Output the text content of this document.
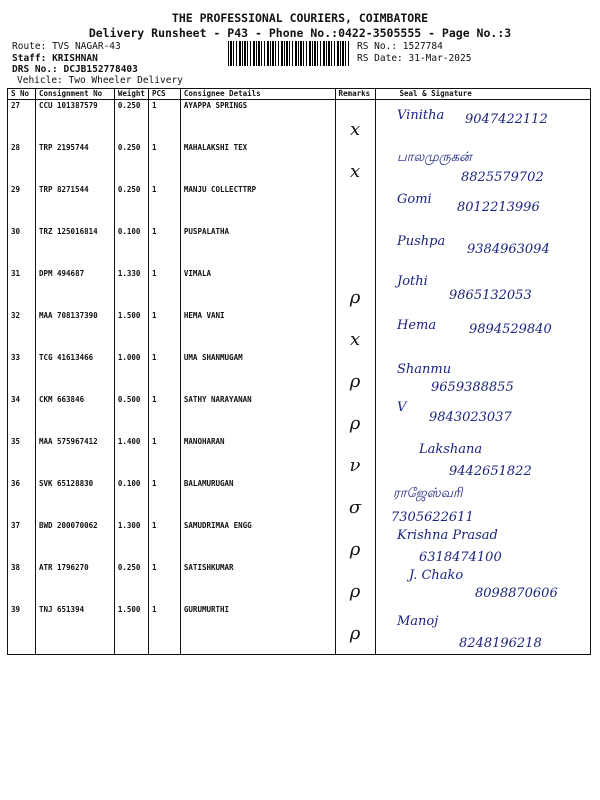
THE PROFESSIONAL COURIERS, COIMBATORE
Delivery Runsheet - P43 - Phone No.:0422-3505555 - Page No.:3
Route: TVS NAGAR-43
Staff: KRISHNAN
DRS No.: DCJB152778403
Vehicle: Two Wheeler Delivery
RS No.: 1527784
RS Date: 31-Mar-2025
S No	Consignment No	Weight	PCS	Consignee Details	Remarks	Seal & Signature
27	CCU 101387579	0.250	1	AYAPPA SPRINGS	x	Vinitha 9047422112

28	TRP 2195744	0.250	1	MAHALAKSHI TEX	x	பாலமுருகன்
8825579702

29	TRP 8271544	0.250	1	MANJU COLLECTTRP		Gomi
8012213996

30	TRZ 125016814	0.100	1	PUSPALATHA		Pushpa
9384963094

31	DPM 494687	1.330	1	VIMALA	ρ	Jothi
9865132053

32	MAA 708137390	1.500	1	HEMA VANI	x	Hema 9894529840

33	TCG 41613466	1.000	1	UMA SHANMUGAM	ρ	Shanmu
9659388855

34	CKM 663846	0.500	1	SATHY NARAYANAN	ρ	V
9843023037

35	MAA 575967412	1.400	1	MANOHARAN	ν	Lakshana
9442651822

36	SVK 65128830	0.100	1	BALAMURUGAN	σ	ராஜேஸ்வரி
7305622611

37	BWD 200070062	1.300	1	SAMUDRIMAA ENGG	ρ	Krishna Prasad
6318474100

38	ATR 1796270	0.250	1	SATISHKUMAR	ρ	J. Chako
8098870606

39	TNJ 651394	1.500	1	GURUMURTHI	ρ	Manoj
8248196218
